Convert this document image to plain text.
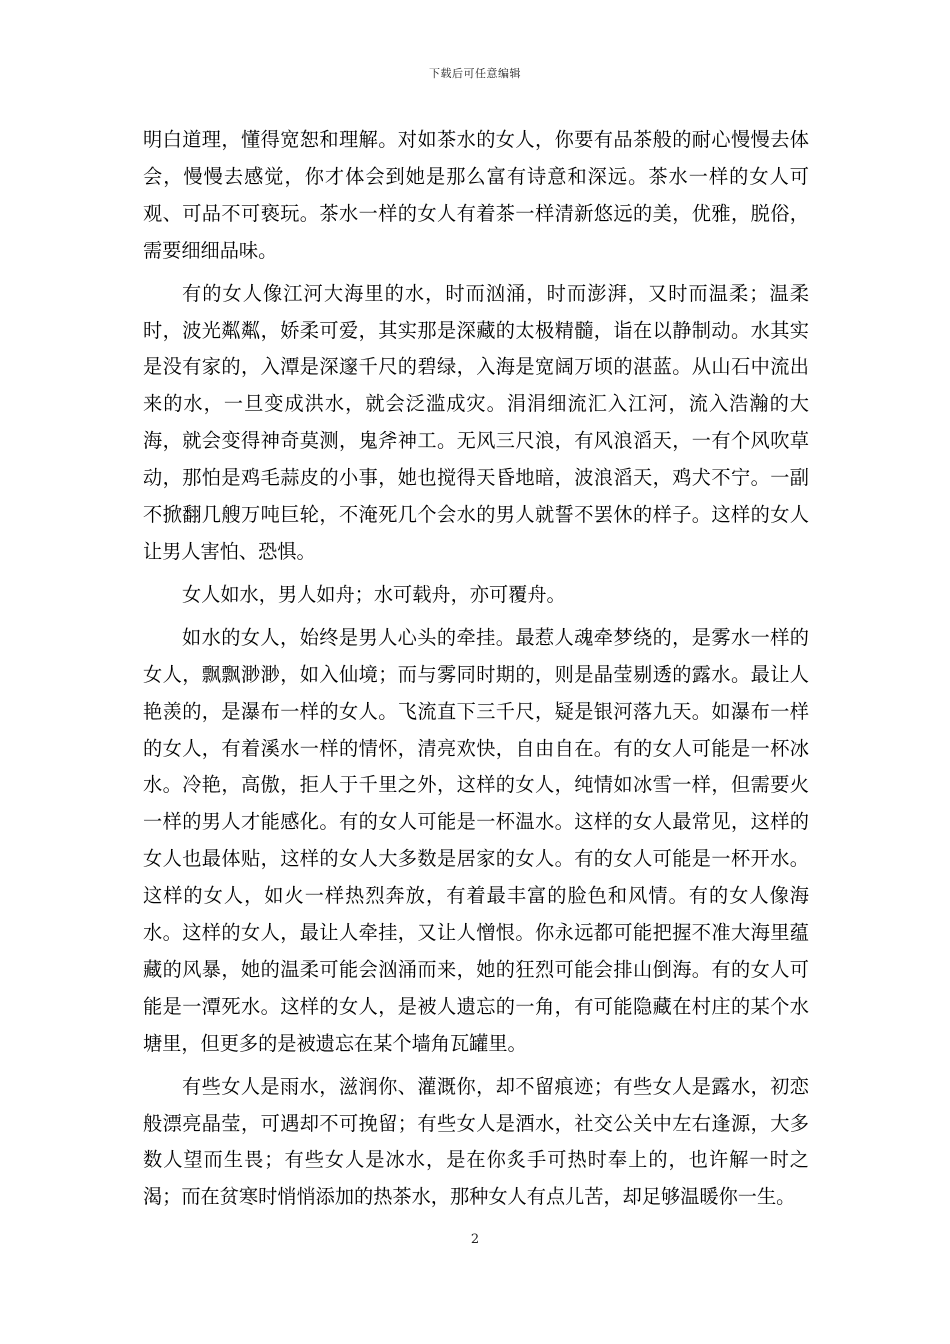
下载后可任意编辑

明白道理，懂得宽恕和理解。对如茶水的女人，你要有品茶般的耐心慢慢去体会，慢慢去感觉，你才体会到她是那么富有诗意和深远。茶水一样的女人可观、可品不可亵玩。茶水一样的女人有着茶一样清新悠远的美，优雅，脱俗，需要细细品味。

有的女人像江河大海里的水，时而汹涌，时而澎湃，又时而温柔；温柔时，波光粼粼，娇柔可爱，其实那是深藏的太极精髓，诣在以静制动。水其实是没有家的，入潭是深邃千尺的碧绿，入海是宽阔万顷的湛蓝。从山石中流出来的水，一旦变成洪水，就会泛滥成灾。涓涓细流汇入江河，流入浩瀚的大海，就会变得神奇莫测，鬼斧神工。无风三尺浪，有风浪滔天，一有个风吹草动，那怕是鸡毛蒜皮的小事，她也搅得天昏地暗，波浪滔天，鸡犬不宁。一副不掀翻几艘万吨巨轮，不淹死几个会水的男人就誓不罢休的样子。这样的女人让男人害怕、恐惧。

女人如水，男人如舟；水可载舟，亦可覆舟。

如水的女人，始终是男人心头的牵挂。最惹人魂牵梦绕的，是雾水一样的女人，飘飘渺渺，如入仙境；而与雾同时期的，则是晶莹剔透的露水。最让人艳羡的，是瀑布一样的女人。飞流直下三千尺，疑是银河落九天。如瀑布一样的女人，有着溪水一样的情怀，清亮欢快，自由自在。有的女人可能是一杯冰水。冷艳，高傲，拒人于千里之外，这样的女人，纯情如冰雪一样，但需要火一样的男人才能感化。有的女人可能是一杯温水。这样的女人最常见，这样的女人也最体贴，这样的女人大多数是居家的女人。有的女人可能是一杯开水。这样的女人，如火一样热烈奔放，有着最丰富的脸色和风情。有的女人像海水。这样的女人，最让人牵挂，又让人憎恨。你永远都可能把握不准大海里蕴藏的风暴，她的温柔可能会汹涌而来，她的狂烈可能会排山倒海。有的女人可能是一潭死水。这样的女人，是被人遗忘的一角，有可能隐藏在村庄的某个水塘里，但更多的是被遗忘在某个墙角瓦罐里。

有些女人是雨水，滋润你、灌溉你，却不留痕迹；有些女人是露水，初恋般漂亮晶莹，可遇却不可挽留；有些女人是酒水，社交公关中左右逢源，大多数人望而生畏；有些女人是冰水，是在你炙手可热时奉上的，也许解一时之渴；而在贫寒时悄悄添加的热茶水，那种女人有点儿苦，却足够温暖你一生。

2
